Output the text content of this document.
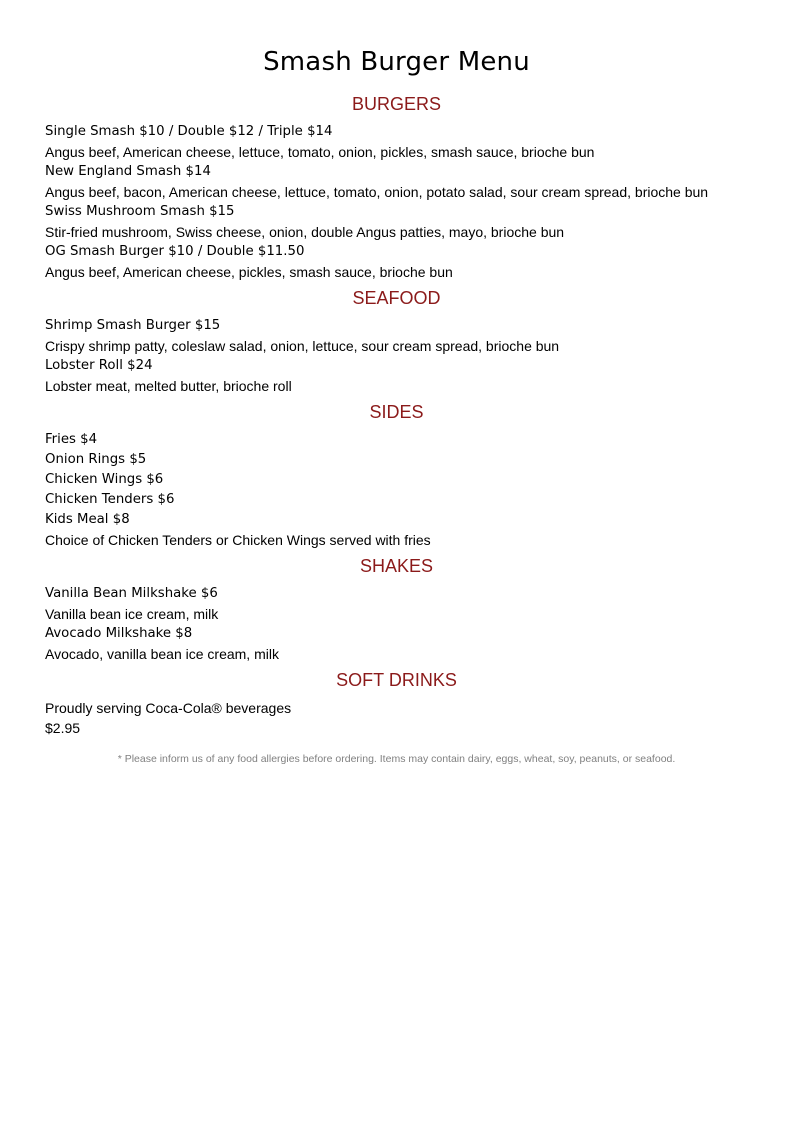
Smash Burger Menu
BURGERS

Single Smash $10 / Double $12 / Triple $14

Angus beef, American cheese, lettuce, tomato, onion, pickles, smash sauce, brioche bun

New England Smash $14

Angus beef, bacon, American cheese, lettuce, tomato, onion, potato salad, sour cream spread, brioche bun

Swiss Mushroom Smash $15

Stir-fried mushroom, Swiss cheese, onion, double Angus patties, mayo, brioche bun

OG Smash Burger $10 / Double $11.50

Angus beef, American cheese, pickles, smash sauce, brioche bun

SEAFOOD

Shrimp Smash Burger $15

Crispy shrimp patty, coleslaw salad, onion, lettuce, sour cream spread, brioche bun

Lobster Roll $24

Lobster meat, melted butter, brioche roll

SIDES

Fries $4

Onion Rings $5

Chicken Wings $6

Chicken Tenders $6

Kids Meal $8

Choice of Chicken Tenders or Chicken Wings served with fries

SHAKES

Vanilla Bean Milkshake $6

Vanilla bean ice cream, milk

Avocado Milkshake $8

Avocado, vanilla bean ice cream, milk

SOFT DRINKS

Proudly serving Coca-Cola® beverages

$2.95

* Please inform us of any food allergies before ordering. Items may contain dairy, eggs, wheat, soy, peanuts, or seafood.
